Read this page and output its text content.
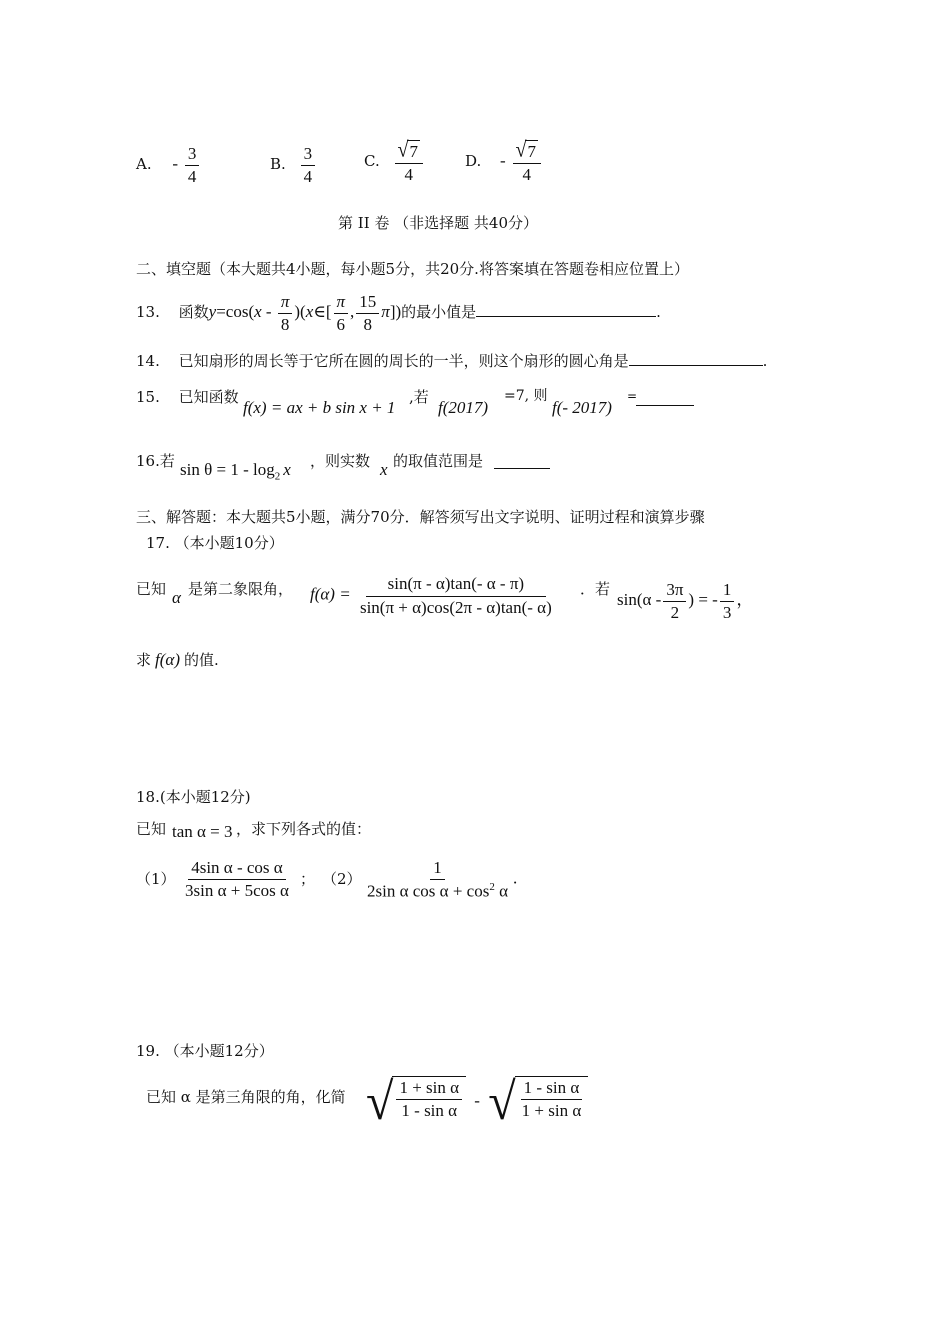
A. - $\frac{3}{4}$	B. $\frac{3}{4}$	C. $\frac{√ 7}{4}$	D. - $\frac{√ 7}{4}$
第 II 卷 （非选择题 共40分）
二、填空题（本大题共4小题，每小题5分，共20分.将答案填在答题卷相应位置上）
13. 函数$y=\cos(x - \frac{\pi}{8}$ )(x∈[ $\frac{\pi}{6}$ , $\frac{15}{8} \pi$])的最小值是	.
14. 已知扇形的周长等于它所在圆的周长的一半，则这个扇形的圆心角是	.
15. 已知函数
f(x) = ax + b sin x + 1
,若
f(2017)
=7, 则
f(- 2017)
=
16.若 $\sin \theta = 1 - \log_2 x$ ，则实数 x 的取值范围是
三、解答题：本大题共5小题，满分70分．解答须写出文字说明、证明过程和演算步骤
17. （本小题10分）
已知 α 是第二象限角， $f(\alpha) = \frac{\sin(\pi - \alpha)\tan(- \alpha - \pi)}{\sin(\pi + \alpha)\cos(2\pi - \alpha)\tan(- \alpha)}$ ．若
$\sin(\alpha - \frac{3\pi}{2}$ ) = - $\frac{1}{3}$ ，
求 f(α) 的值.
18.(本小题12分)
已知 tan α = 3 ，求下列各式的值：
$(1) \frac{\text{4sin α - cos α}}{\text{3sin α + 5cos α}}$ ； $(2) \frac{1}{2\sin \alpha \cos \alpha + \cos^2 \alpha}$ .
19. （本小题12分）
已知 α 是第三角限的角，化简 √ $\frac{\text{1 + sin α}}{\text{1 - sin α}}$ - √ $\frac{\text{1 - sin α}}{\text{1 + sin α}}$
